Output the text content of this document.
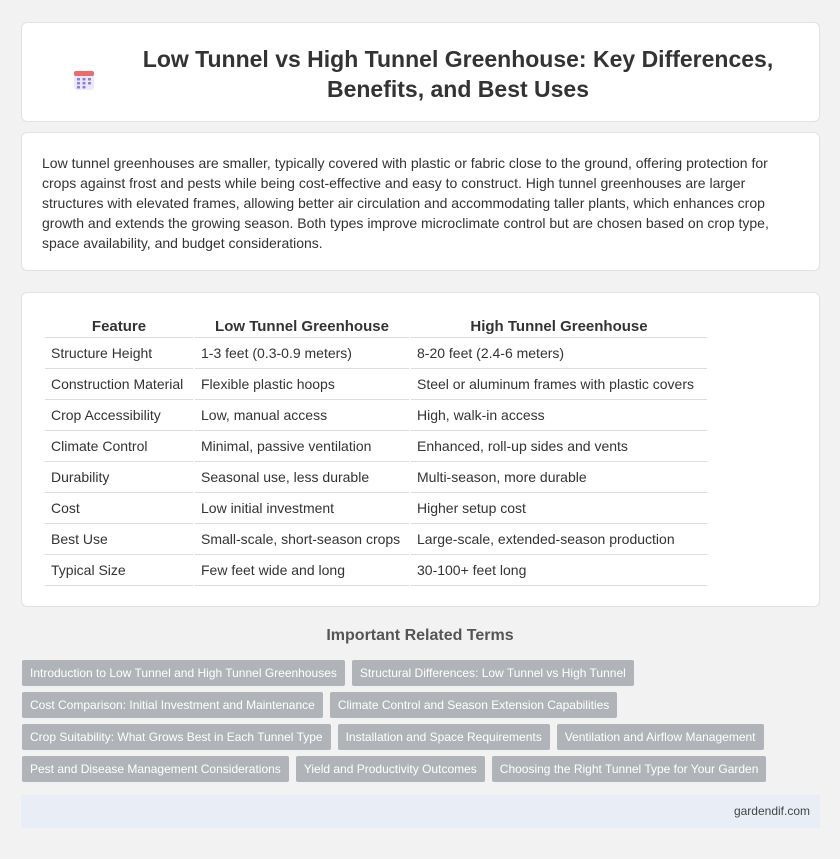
Low Tunnel vs High Tunnel Greenhouse: Key Differences, Benefits, and Best Uses

Low tunnel greenhouses are smaller, typically covered with plastic or fabric close to the ground, offering protection for crops against frost and pests while being cost-effective and easy to construct. High tunnel greenhouses are larger structures with elevated frames, allowing better air circulation and accommodating taller plants, which enhances crop growth and extends the growing season. Both types improve microclimate control but are chosen based on crop type, space availability, and budget considerations.

Feature	Low Tunnel Greenhouse	High Tunnel Greenhouse
Structure Height	1-3 feet (0.3-0.9 meters)	8-20 feet (2.4-6 meters)
Construction Material	Flexible plastic hoops	Steel or aluminum frames with plastic covers
Crop Accessibility	Low, manual access	High, walk-in access
Climate Control	Minimal, passive ventilation	Enhanced, roll-up sides and vents
Durability	Seasonal use, less durable	Multi-season, more durable
Cost	Low initial investment	Higher setup cost
Best Use	Small-scale, short-season crops	Large-scale, extended-season production
Typical Size	Few feet wide and long	30-100+ feet long
Important Related Terms
Introduction to Low Tunnel and High Tunnel Greenhouses	Structural Differences: Low Tunnel vs High Tunnel
Cost Comparison: Initial Investment and Maintenance	Climate Control and Season Extension Capabilities
Crop Suitability: What Grows Best in Each Tunnel Type	Installation and Space Requirements	Ventilation and Airflow Management
Pest and Disease Management Considerations	Yield and Productivity Outcomes	Choosing the Right Tunnel Type for Your Garden
gardendif.com
